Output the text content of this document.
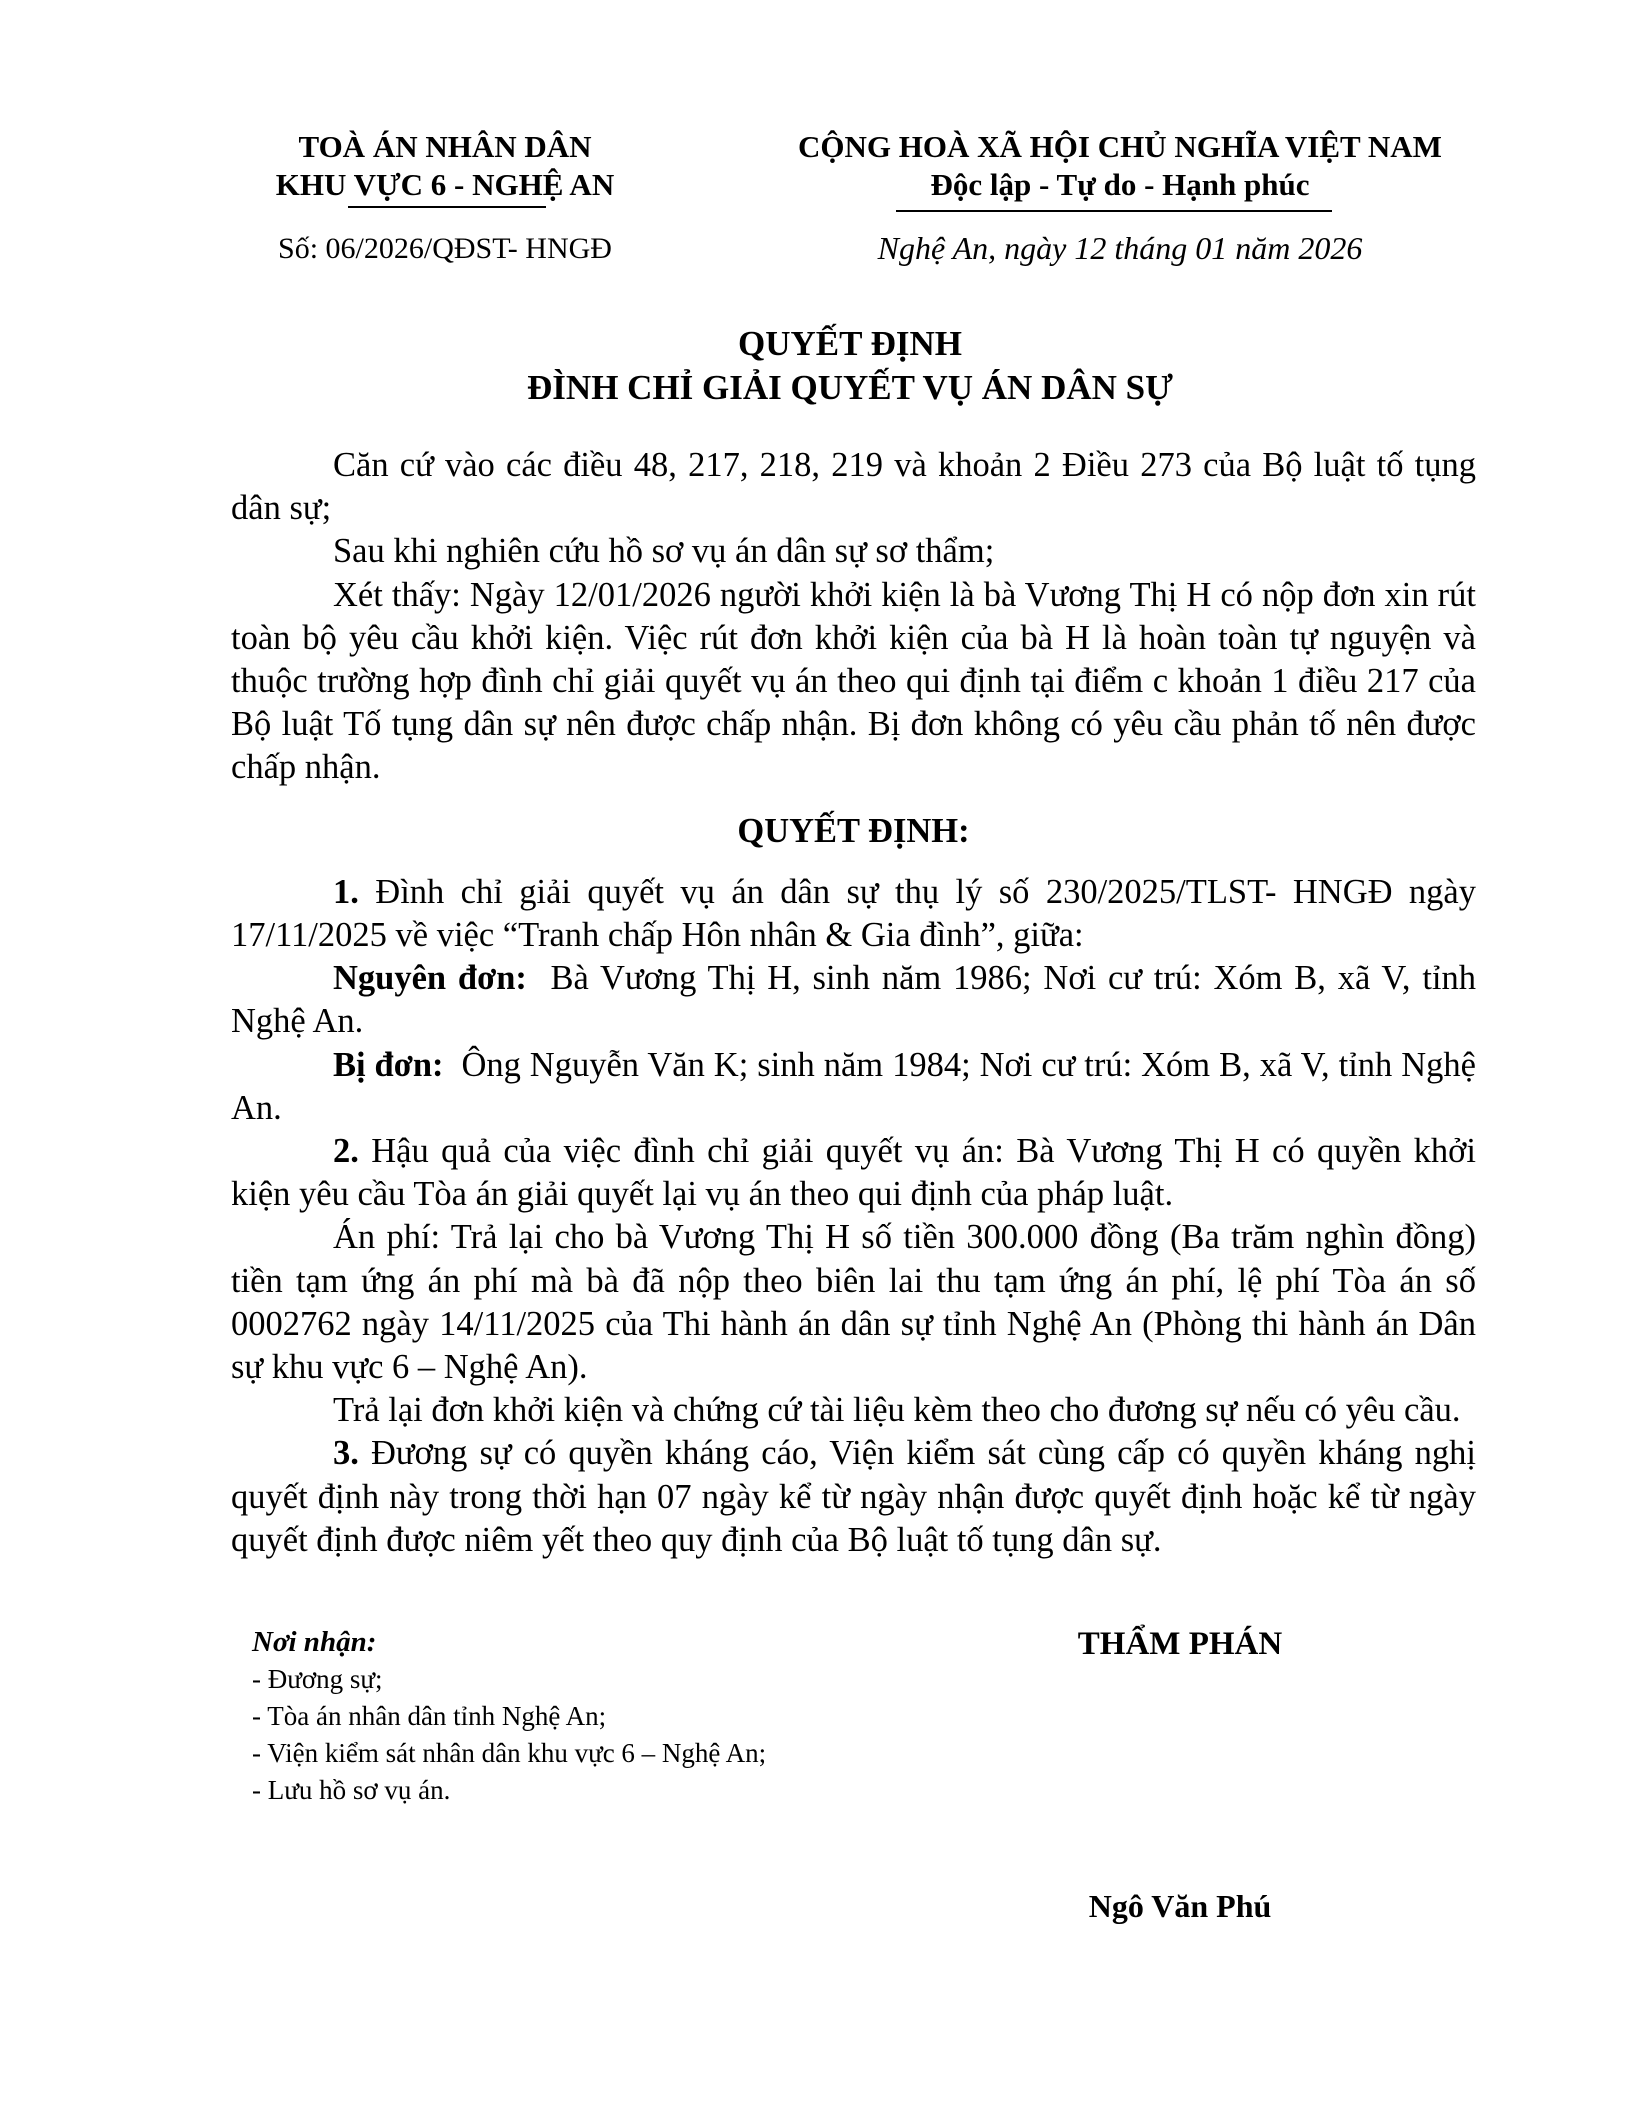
TOÀ ÁN NHÂN DÂN
KHU VỰC 6 - NGHỆ AN
Số: 06/2026/QĐST- HNGĐ
CỘNG HOÀ XÃ HỘI CHỦ NGHĨA VIỆT NAM
Độc lập - Tự do - Hạnh phúc
Nghệ An, ngày 12 tháng 01 năm 2026
QUYẾT ĐỊNH
ĐÌNH CHỈ GIẢI QUYẾT VỤ ÁN DÂN SỰ

Căn cứ vào các điều 48, 217, 218, 219 và khoản 2 Điều 273 của Bộ luật tố tụng dân sự;

Sau khi nghiên cứu hồ sơ vụ án dân sự sơ thẩm;

Xét thấy: Ngày 12/01/2026 người khởi kiện là bà Vương Thị H có nộp đơn xin rút toàn bộ yêu cầu khởi kiện. Việc rút đơn khởi kiện của bà H là hoàn toàn tự nguyện và thuộc trường hợp đình chỉ giải quyết vụ án theo qui định tại điểm c khoản 1 điều 217 của Bộ luật Tố tụng dân sự nên được chấp nhận. Bị đơn không có yêu cầu phản tố nên được chấp nhận.

QUYẾT ĐỊNH:

1. Đình chỉ giải quyết vụ án dân sự thụ lý số 230/2025/TLST- HNGĐ ngày 17/11/2025 về việc “Tranh chấp Hôn nhân & Gia đình”, giữa:

Nguyên đơn:  Bà Vương Thị H, sinh năm 1986; Nơi cư trú: Xóm B, xã V, tỉnh Nghệ An.

Bị đơn:  Ông Nguyễn Văn K; sinh năm 1984; Nơi cư trú: Xóm B, xã V, tỉnh Nghệ An.

2. Hậu quả của việc đình chỉ giải quyết vụ án: Bà Vương Thị H có quyền khởi kiện yêu cầu Tòa án giải quyết lại vụ án theo qui định của pháp luật.

Án phí: Trả lại cho bà Vương Thị H số tiền 300.000 đồng (Ba trăm nghìn đồng) tiền tạm ứng án phí mà bà đã nộp theo biên lai thu tạm ứng án phí, lệ phí Tòa án số 0002762 ngày 14/11/2025 của Thi hành án dân sự tỉnh Nghệ An (Phòng thi hành án Dân sự khu vực 6 – Nghệ An).

Trả lại đơn khởi kiện và chứng cứ tài liệu kèm theo cho đương sự nếu có yêu cầu.

3. Đương sự có quyền kháng cáo, Viện kiểm sát cùng cấp có quyền kháng nghị quyết định này trong thời hạn 07 ngày kể từ ngày nhận được quyết định hoặc kể từ ngày quyết định được niêm yết theo quy định của Bộ luật tố tụng dân sự.

Nơi nhận:
- Đương sự;
- Tòa án nhân dân tỉnh Nghệ An;
- Viện kiểm sát nhân dân khu vực 6 – Nghệ An;
- Lưu hồ sơ vụ án.
THẨM PHÁN
Ngô Văn Phú
